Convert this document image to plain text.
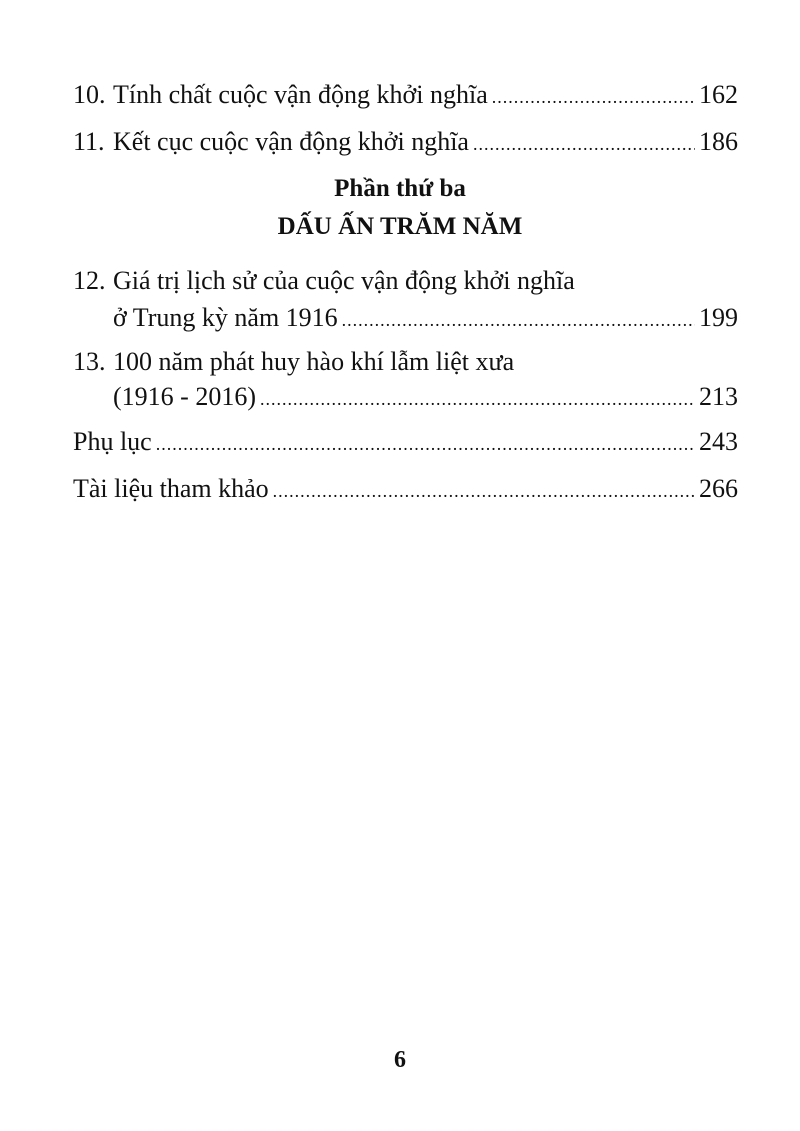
10. Tính chất cuộc vận động khởi nghĩa .....	162
11. Kết cục cuộc vận động khởi nghĩa .....	186
Phần thứ ba
DẤU ẤN TRĂM NĂM
12. Giá trị lịch sử của cuộc vận động khởi nghĩa
ở Trung kỳ năm 1916 .....	199
13. 100 năm phát huy hào khí lẫm liệt xưa
(1916 - 2016) .....	213
Phụ lục .....	243
Tài liệu tham khảo .....	266
6
